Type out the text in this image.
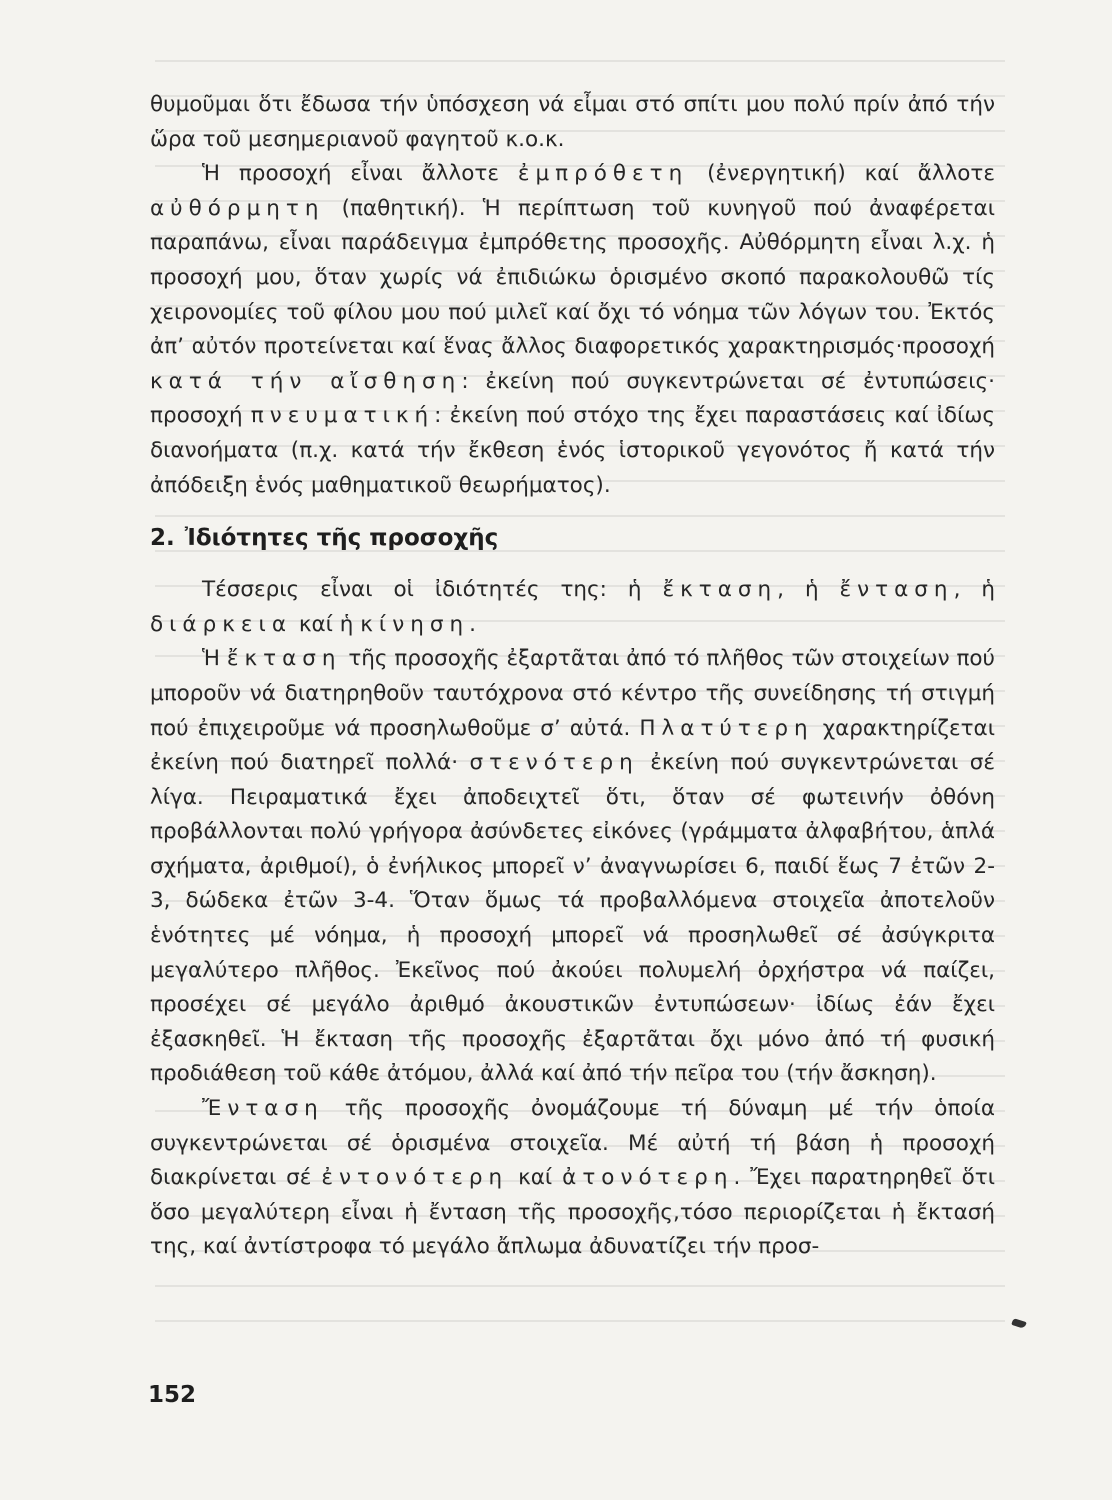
θυμοῦμαι ὅτι ἔδωσα τήν ὑπόσχεση νά εἶμαι στό σπίτι μου πολύ πρίν ἀπό τήν ὥρα τοῦ μεσημεριανοῦ φαγητοῦ κ.ο.κ.

Ἡ προσοχή εἶναι ἄλλοτε ἐμπρόθετη (ἐνεργητική) καί ἄλλοτε αὐθόρμητη (παθητική). Ἡ περίπτωση τοῦ κυνηγοῦ πού ἀναφέρεται παραπάνω, εἶναι παράδειγμα ἐμπρόθετης προσοχῆς. Αὐθόρμητη εἶναι λ.χ. ἡ προσοχή μου, ὅταν χωρίς νά ἐπιδιώκω ὁρισμένο σκοπό παρακολουθῶ τίς χειρονομίες τοῦ φίλου μου πού μιλεῖ καί ὄχι τό νόημα τῶν λόγων του. Ἐκτός ἀπ’ αὐτόν προτείνεται καί ἕνας ἄλλος διαφορετικός χαρακτηρισμός·προσοχή κατά τήν αἴσθηση: ἐκείνη πού συγκεντρώνεται σέ ἐντυπώσεις· προσοχή πνευματική: ἐκείνη πού στόχο της ἔχει παραστάσεις καί ἰδίως διανοήματα (π.χ. κατά τήν ἔκθεση ἑνός ἱστορικοῦ γεγονότος ἤ κατά τήν ἀπόδειξη ἑνός μαθηματικοῦ θεωρήματος).

2. Ἰδιότητες τῆς προσοχῆς

Τέσσερις εἶναι οἱ ἰδιότητές της: ἡ ἔκταση, ἡ ἔνταση, ἡ διάρκεια καί ἡ κίνηση.

Ἡ ἔκταση τῆς προσοχῆς ἐξαρτᾶται ἀπό τό πλῆθος τῶν στοιχείων πού μποροῦν νά διατηρηθοῦν ταυτόχρονα στό κέντρο τῆς συνείδησης τή στιγμή πού ἐπιχειροῦμε νά προσηλωθοῦμε σ’ αὐτά. Πλατύτερη χαρακτηρίζεται ἐκείνη πού διατηρεῖ πολλά· στενότερη ἐκείνη πού συγκεντρώνεται σέ λίγα. Πειραματικά ἔχει ἀποδειχτεῖ ὅτι, ὅταν σέ φωτεινήν ὀθόνη προβάλλονται πολύ γρήγορα ἀσύνδετες εἰκόνες (γράμματα ἀλφαβήτου, ἁπλά σχήματα, ἀριθμοί), ὁ ἐνήλικος μπορεῖ ν’ ἀναγνωρίσει 6, παιδί ἕως 7 ἐτῶν 2-3, δώδεκα ἐτῶν 3-4. Ὅταν ὅμως τά προβαλλόμενα στοιχεῖα ἀποτελοῦν ἑνότητες μέ νόημα, ἡ προσοχή μπορεῖ νά προσηλωθεῖ σέ ἀσύγκριτα μεγαλύτερο πλῆθος. Ἐκεῖνος πού ἀκούει πολυμελή ὀρχήστρα νά παίζει, προσέχει σέ μεγάλο ἀριθμό ἀκουστικῶν ἐντυπώσεων· ἰδίως ἐάν ἔχει ἐξασκηθεῖ. Ἡ ἔκταση τῆς προσοχῆς ἐξαρτᾶται ὄχι μόνο ἀπό τή φυσική προδιάθεση τοῦ κάθε ἀτόμου, ἀλλά καί ἀπό τήν πεῖρα του (τήν ἄσκηση).

Ἔνταση τῆς προσοχῆς ὀνομάζουμε τή δύναμη μέ τήν ὁποία συγκεντρώνεται σέ ὁρισμένα στοιχεῖα. Μέ αὐτή τή βάση ἡ προσοχή διακρίνεται σέ ἐντονότερη καί ἀτονότερη. Ἔχει παρατηρηθεῖ ὅτι ὅσο μεγαλύτερη εἶναι ἡ ἔνταση τῆς προσοχῆς,τόσο περιορίζεται ἡ ἔκτασή της, καί ἀντίστροφα τό μεγάλο ἄπλωμα ἀδυνατίζει τήν προσ-

152
